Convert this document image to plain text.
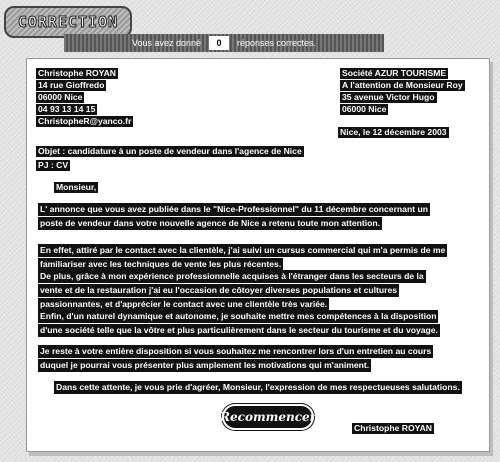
CORRECTION
Vous avez donné	0	réponses correctes.
Christophe ROYAN
14 rue Gioffredo
06000 Nice
04 93 13 14 15
ChristopheR@yanco.fr
Société AZUR TOURISME
A l'attention de Monsieur Roy
35 avenue Victor Hugo
06000 Nice
Nice, le 12 décembre 2003
Objet : candidature à un poste de vendeur dans l'agence de Nice
PJ : CV
Monsieur,
L' annonce que vous avez publiée dans le "Nice-Professionnel" du 11 décembre concernant un
poste de vendeur dans votre nouvelle agence de Nice a retenu toute mon attention.
En effet, attiré par le contact avec la clientèle, j'ai suivi un cursus commercial qui m'a permis de me
familiariser avec les techniques de vente les plus récentes.
De plus, grâce à mon expérience professionnelle acquises à l'étranger dans les secteurs de la
vente et de la restauration j'ai eu l'occasion de côtoyer diverses populations et cultures
passionnantes, et d'apprécier le contact avec une clientèle très variée.
Enfin, d'un naturel dynamique et autonome, je souhaite mettre mes compétences à la disposition
d'une société telle que la vôtre et plus particulièrement dans le secteur du tourisme et du voyage.
Je reste à votre entière disposition si vous souhaitez me rencontrer lors d'un entretien au cours
duquel je pourrai vous présenter plus amplement les motivations qui m'animent.
Dans cette attente, je vous prie d'agréer, Monsieur, l'expression de mes respectueuses salutations.
Recommencer
Christophe ROYAN
